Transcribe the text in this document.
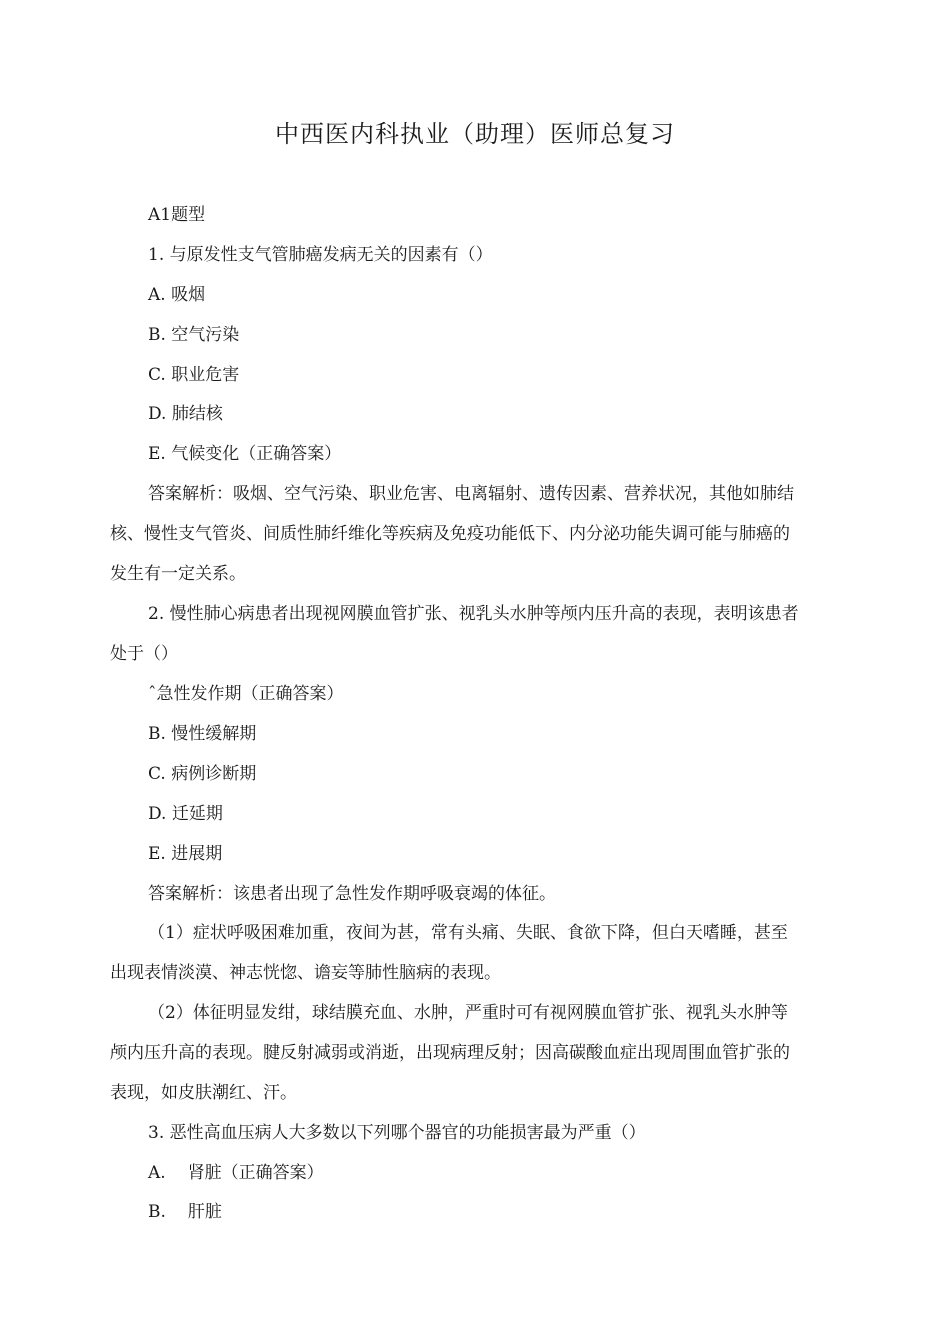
中西医内科执业（助理）医师总复习
A1题型
1. 与原发性支气管肺癌发病无关的因素有（）
A. 吸烟
B. 空气污染
C. 职业危害
D. 肺结核
E. 气候变化（正确答案）
答案解析：吸烟、空气污染、职业危害、电离辐射、遗传因素、营养状况，其他如肺结
核、慢性支气管炎、间质性肺纤维化等疾病及免疫功能低下、内分泌功能失调可能与肺癌的
发生有一定关系。
2. 慢性肺心病患者出现视网膜血管扩张、视乳头水肿等颅内压升高的表现，表明该患者
处于（）
ˆ急性发作期（正确答案）
B. 慢性缓解期
C. 病例诊断期
D. 迁延期
E. 进展期
答案解析：该患者出现了急性发作期呼吸衰竭的体征。
（1）症状呼吸困难加重，夜间为甚，常有头痛、失眠、食欲下降，但白天嗜睡，甚至
出现表情淡漠、神志恍惚、谵妄等肺性脑病的表现。
（2）体征明显发绀，球结膜充血、水肿，严重时可有视网膜血管扩张、视乳头水肿等
颅内压升高的表现。腱反射减弱或消逝，出现病理反射；因高碳酸血症出现周围血管扩张的
表现，如皮肤潮红、汗。
3. 恶性高血压病人大多数以下列哪个器官的功能损害最为严重（）
A. 肾脏（正确答案）
B. 肝脏
